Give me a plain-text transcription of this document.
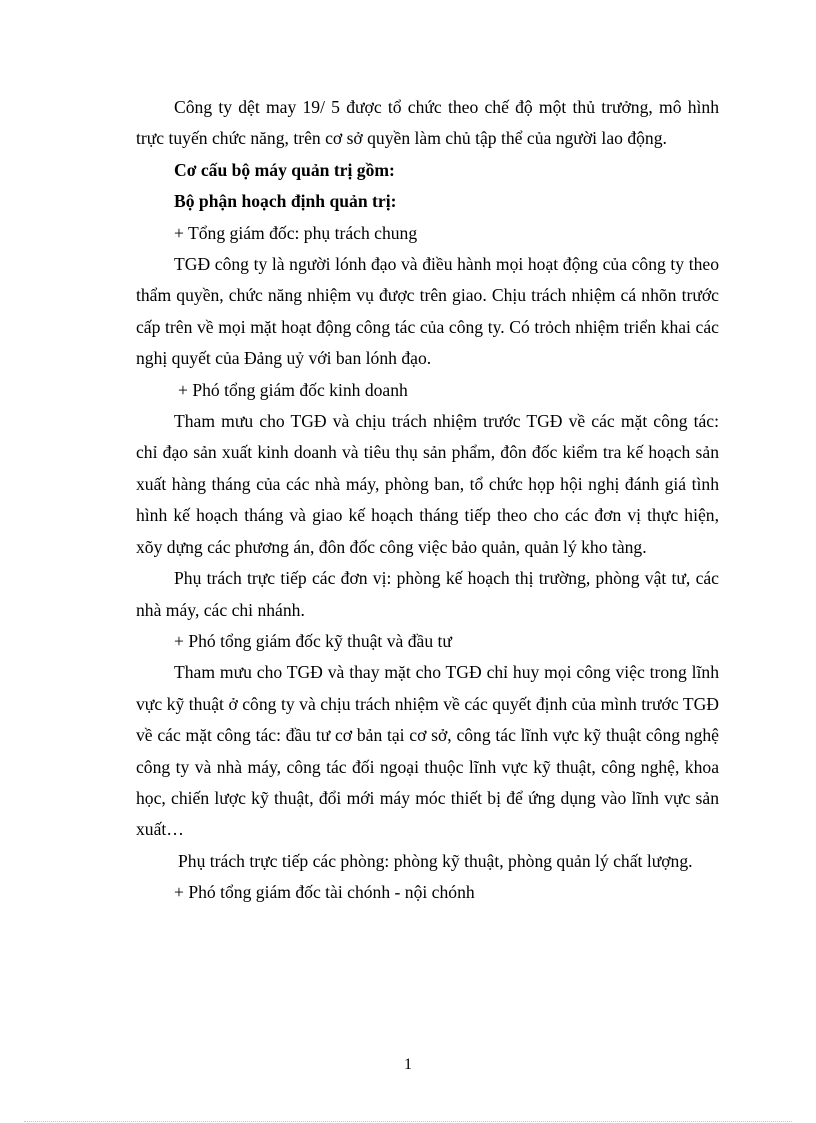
Công ty dệt may 19/ 5 được tổ chức theo chế độ một thủ trưởng, mô hình trực tuyến chức năng, trên cơ sở quyền làm chủ tập thể của người lao động.

Cơ cấu bộ máy quản trị gồm:

Bộ phận hoạch định quản trị:

+ Tổng giám đốc: phụ trách chung

TGĐ công ty là người lónh đạo và điều hành mọi hoạt động của công ty theo thẩm quyền, chức năng nhiệm vụ được trên giao. Chịu trách nhiệm cá nhõn trước cấp trên về mọi mặt hoạt động công tác của công ty. Có trỏch nhiệm triển khai các nghị quyết của Đảng uỷ với ban lónh đạo.

+ Phó tổng giám đốc kinh doanh

Tham mưu cho TGĐ và chịu trách nhiệm trước TGĐ về các mặt công tác: chỉ đạo sản xuất kinh doanh và tiêu thụ sản phẩm, đôn đốc kiểm tra kế hoạch sản xuất hàng tháng của các nhà máy, phòng ban, tổ chức họp hội nghị đánh giá tình hình kế hoạch tháng và giao kế hoạch tháng tiếp theo cho các đơn vị thực hiện, xõy dựng các phương án, đôn đốc công việc bảo quản, quản lý kho tàng.

Phụ trách trực tiếp các đơn vị: phòng kế hoạch thị trường, phòng vật tư, các nhà máy, các chi nhánh.

+ Phó tổng giám đốc kỹ thuật và đầu tư

Tham mưu cho TGĐ và thay mặt cho TGĐ chỉ huy mọi công việc trong lĩnh vực kỹ thuật ở công ty và chịu trách nhiệm về các quyết định của mình trước TGĐ về các mặt công tác: đầu tư cơ bản tại cơ sở, công tác lĩnh vực kỹ thuật công nghệ công ty và nhà máy, công tác đối ngoại thuộc lĩnh vực kỹ thuật, công nghệ, khoa học, chiến lược kỹ thuật, đổi mới máy móc thiết bị để ứng dụng vào lĩnh vực sản xuất…

Phụ trách trực tiếp các phòng: phòng kỹ thuật, phòng quản lý chất lượng.

+ Phó tổng giám đốc tài chónh - nội chónh

1
